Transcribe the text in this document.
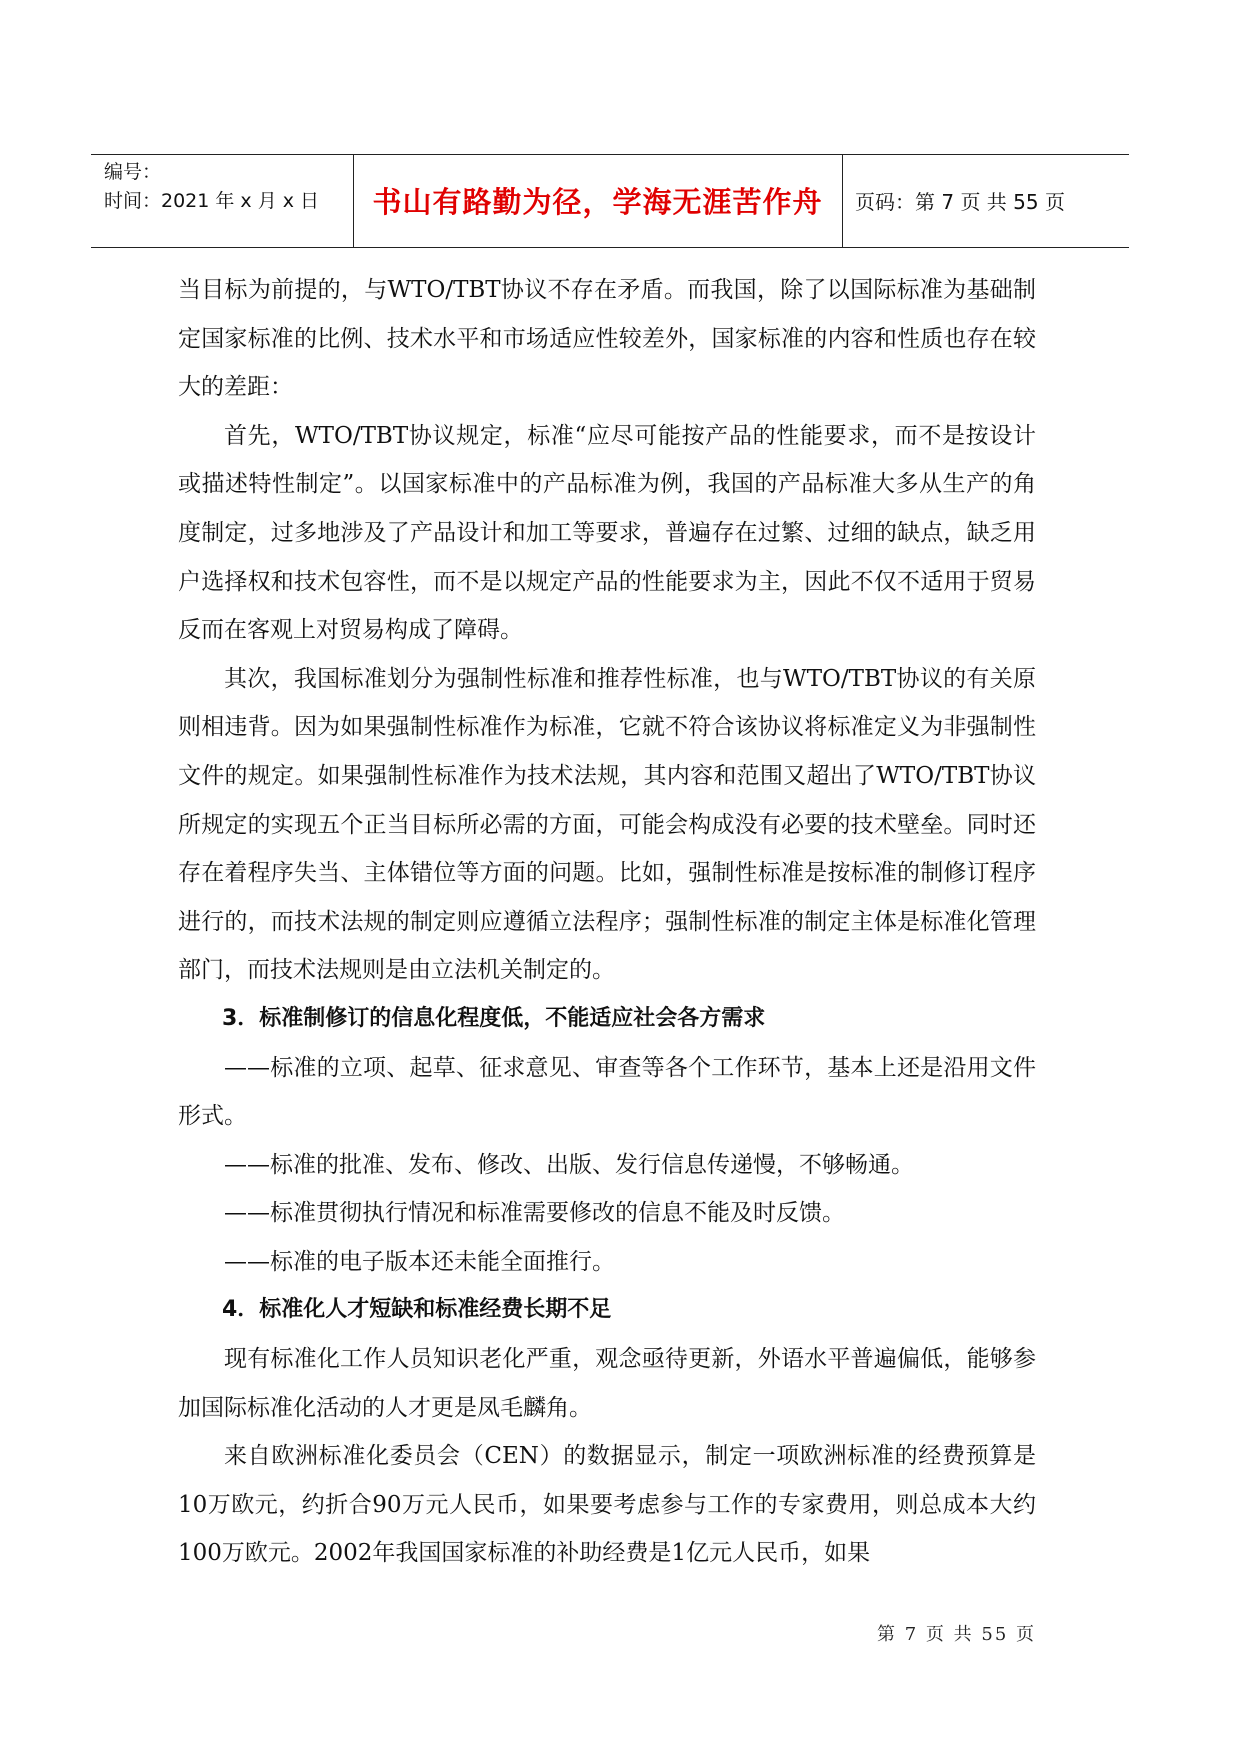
编号：
时间：2021 年 x 月 x 日	书山有路勤为径，学海无涯苦作舟	页码：第 7 页 共 55 页

当目标为前提的，与WTO/TBT协议不存在矛盾。而我国，除了以国际标准为基础制定国家标准的比例、技术水平和市场适应性较差外，国家标准的内容和性质也存在较大的差距：

首先，WTO/TBT协议规定，标准“应尽可能按产品的性能要求，而不是按设计或描述特性制定”。以国家标准中的产品标准为例，我国的产品标准大多从生产的角度制定，过多地涉及了产品设计和加工等要求，普遍存在过繁、过细的缺点，缺乏用户选择权和技术包容性，而不是以规定产品的性能要求为主，因此不仅不适用于贸易反而在客观上对贸易构成了障碍。

其次，我国标准划分为强制性标准和推荐性标准，也与WTO/TBT协议的有关原则相违背。因为如果强制性标准作为标准，它就不符合该协议将标准定义为非强制性文件的规定。如果强制性标准作为技术法规，其内容和范围又超出了WTO/TBT协议所规定的实现五个正当目标所必需的方面，可能会构成没有必要的技术壁垒。同时还存在着程序失当、主体错位等方面的问题。比如，强制性标准是按标准的制修订程序进行的，而技术法规的制定则应遵循立法程序；强制性标准的制定主体是标准化管理部门，而技术法规则是由立法机关制定的。

3．标准制修订的信息化程度低，不能适应社会各方需求

——标准的立项、起草、征求意见、审查等各个工作环节，基本上还是沿用文件形式。

——标准的批准、发布、修改、出版、发行信息传递慢，不够畅通。

——标准贯彻执行情况和标准需要修改的信息不能及时反馈。

——标准的电子版本还未能全面推行。

4．标准化人才短缺和标准经费长期不足

现有标准化工作人员知识老化严重，观念亟待更新，外语水平普遍偏低，能够参加国际标准化活动的人才更是凤毛麟角。

来自欧洲标准化委员会（CEN）的数据显示，制定一项欧洲标准的经费预算是10万欧元，约折合90万元人民币，如果要考虑参与工作的专家费用，则总成本大约100万欧元。2002年我国国家标准的补助经费是1亿元人民币，如果

第 7 页 共 55 页
